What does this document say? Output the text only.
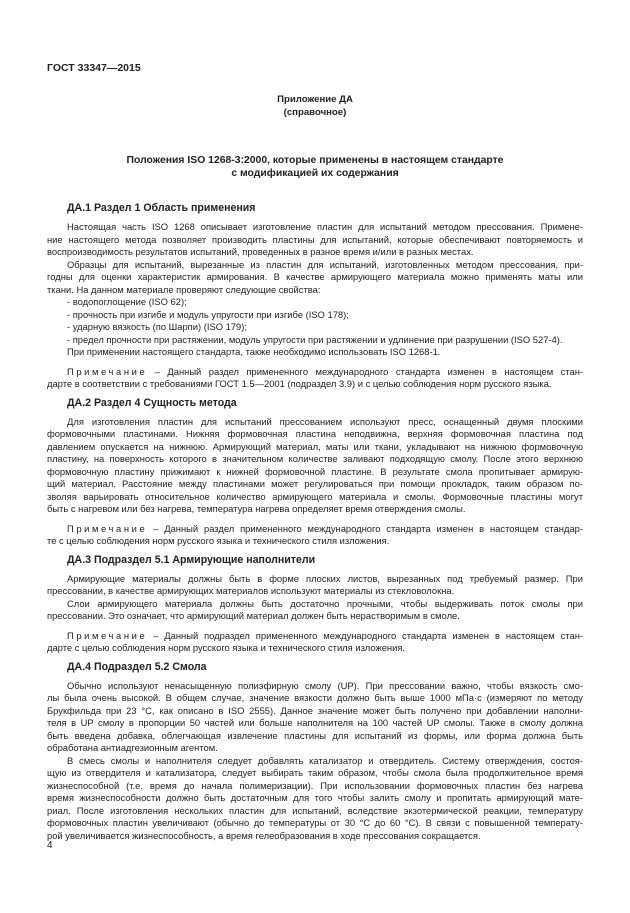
ГОСТ 33347—2015
Приложение ДА
(справочное)
Положения ISO 1268-3:2000, которые применены в настоящем стандарте
с модификацией их содержания
ДА.1 Раздел 1 Область применения
Настоящая часть ISO 1268 описывает изготовление пластин для испытаний методом прессования. Примене-
ние настоящего метода позволяет производить пластины для испытаний, которые обеспечивают повторяемость и
воспроизводимость результатов испытаний, проведенных в разное время и/или в разных местах.
Образцы для испытаний, вырезанные из пластин для испытаний, изготовленных методом прессования, при-
годны для оценки характеристик армирования. В качестве армирующего материала можно применять маты или
ткани. На данном материале проверяют следующие свойства:
- водопоглощение (ISO 62);
- прочность при изгибе и модуль упругости при изгибе (ISO 178);
- ударную вязкость (по Шарпи) (ISO 179);
- предел прочности при растяжении, модуль упругости при растяжении и удлинение при разрушении (ISO 527-4).
При применении настоящего стандарта, также необходимо использовать ISO 1268-1.
Примечание – Данный раздел примененного международного стандарта изменен в настоящем стан-
дарте в соответствии с требованиями ГОСТ 1.5—2001 (подраздел 3.9) и с целью соблюдения норм русского языка.
ДА.2 Раздел 4 Сущность метода
Для изготовления пластин для испытаний прессованием используют пресс, оснащенный двумя плоскими
формовочными пластинами. Нижняя формовочная пластина неподвижна, верхняя формовочная пластина под
давлением опускается на нижнюю. Армирующий материал, маты или ткани, укладывают на нижнюю формовочную
пластину, на поверхность которого в значительном количестве заливают подходящую смолу. После этого верхнюю
формовочную пластину прижимают к нижней формовочной пластине. В результате смола пропитывает армирую-
щий материал. Расстояние между пластинами может регулироваться при помощи прокладок, таким образом по-
зволяя варьировать относительное количество армирующего материала и смолы. Формовочные пластины могут
быть с нагревом или без нагрева, температура нагрева определяет время отверждения смолы.
Примечание – Данный раздел примененного международного стандарта изменен в настоящем стандар-
те с целью соблюдения норм русского языка и технического стиля изложения.
ДА.3 Подраздел 5.1 Армирующие наполнители
Армирующие материалы должны быть в форме плоских листов, вырезанных под требуемый размер. При
прессовании, в качестве армирующих материалов используют материалы из стекловолокна.
Слои армирующего материала должны быть достаточно прочными, чтобы выдерживать поток смолы при
прессовании. Это означает, что армирующий материал должен быть нерастворимым в смоле.
Примечание – Данный подраздел примененного международного стандарта изменен в настоящем стан-
дарте с целью соблюдения норм русского языка и технического стиля изложения.
ДА.4 Подраздел 5.2 Смола
Обычно используют ненасыщенную полиэфирную смолу (UP). При прессовании важно, чтобы вязкость смо-
лы была очень высокой. В общем случае, значение вязкости должно быть выше 1000 мПа·с (измеряют по методу
Брукфильда при 23 °С, как описано в ISO 2555). Данное значение может быть получено при добавлении наполни-
теля в UP смолу в пропорции 50 частей или больше наполнителя на 100 частей UP смолы. Также в смолу должна
быть введена добавка, облегчающая извлечение пластины для испытаний из формы, или форма должна быть
обработана антиадгезионным агентом.
В смесь смолы и наполнителя следует добавлять катализатор и отвердитель. Систему отверждения, состоя-
щую из отвердителя и катализатора, следует выбирать таким образом, чтобы смола была продолжительное время
жизнеспособной (т.е. время до начала полимеризации). При использовании формовочных пластин без нагрева
время жизнеспособности должно быть достаточным для того чтобы залить смолу и пропитать армирующий мате-
риал. После изготовления нескольких пластин для испытаний, вследствие экзотермической реакции, температуру
формовочных пластин увеличивают (обычно до температуры от 30 °С до 60 °С). В связи с повышенной температу-
рой увеличивается жизнеспособность, а время гелеобразования в ходе прессования сокращается.
4
